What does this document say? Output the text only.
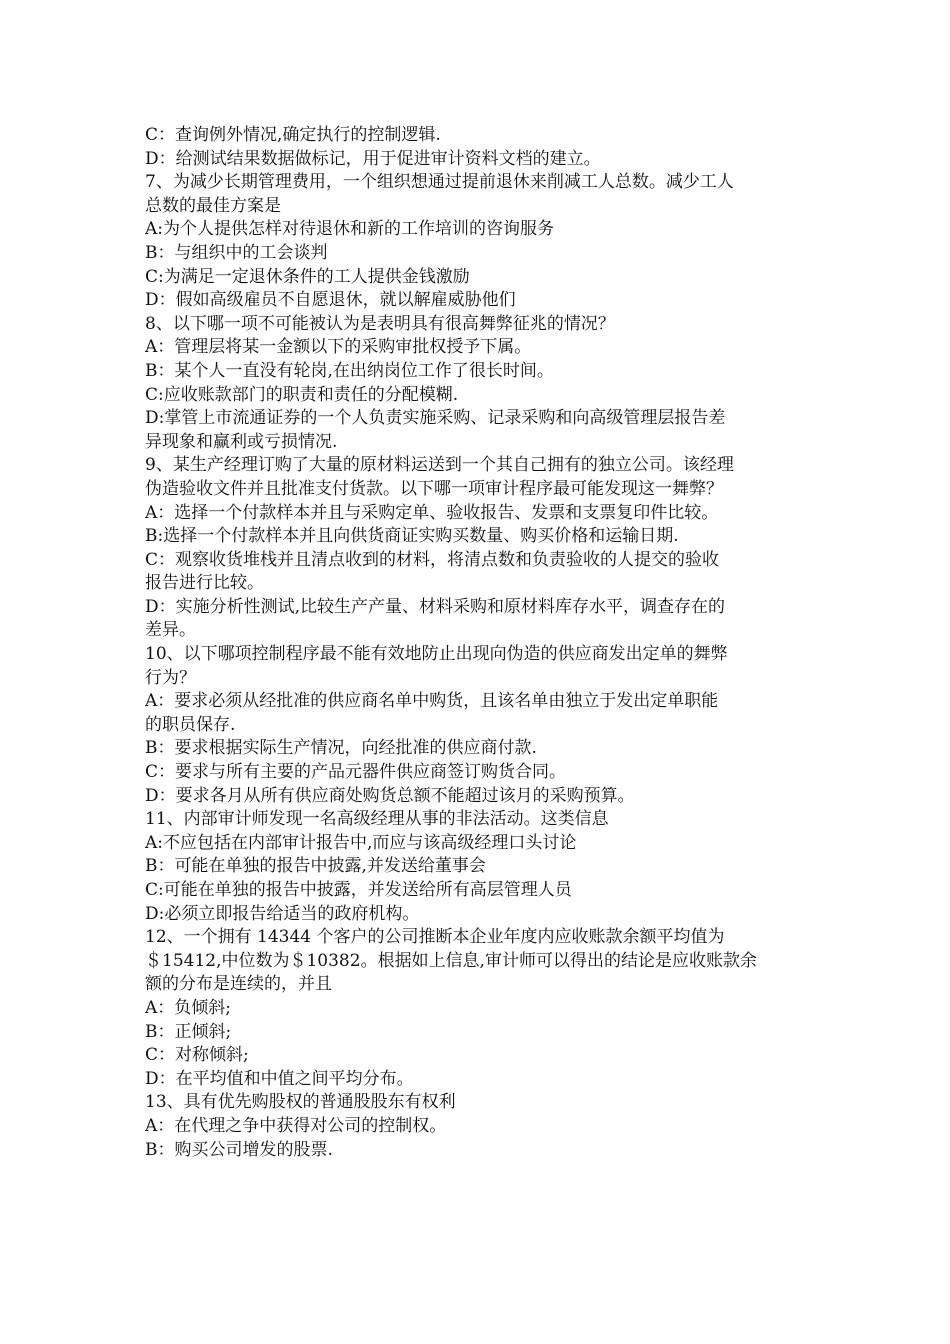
C：查询例外情况,确定执行的控制逻辑.
D：给测试结果数据做标记，用于促进审计资料文档的建立。
7、为减少长期管理费用，一个组织想通过提前退休来削减工人总数。减少工人
总数的最佳方案是
A:为个人提供怎样对待退休和新的工作培训的咨询服务
B：与组织中的工会谈判
C:为满足一定退休条件的工人提供金钱激励
D：假如高级雇员不自愿退休，就以解雇威胁他们
8、以下哪一项不可能被认为是表明具有很高舞弊征兆的情况？
A：管理层将某一金额以下的采购审批权授予下属。
B：某个人一直没有轮岗,在出纳岗位工作了很长时间。
C:应收账款部门的职责和责任的分配模糊.
D:掌管上市流通证券的一个人负责实施采购、记录采购和向高级管理层报告差
异现象和赢利或亏损情况.
9、某生产经理订购了大量的原材料运送到一个其自己拥有的独立公司。该经理
伪造验收文件并且批准支付货款。以下哪一项审计程序最可能发现这一舞弊？
A：选择一个付款样本并且与采购定单、验收报告、发票和支票复印件比较。
B:选择一个付款样本并且向供货商证实购买数量、购买价格和运输日期.
C：观察收货堆栈并且清点收到的材料，将清点数和负责验收的人提交的验收
报告进行比较。
D：实施分析性测试,比较生产产量、材料采购和原材料库存水平，调查存在的
差异。
10、以下哪项控制程序最不能有效地防止出现向伪造的供应商发出定单的舞弊
行为？
A：要求必须从经批准的供应商名单中购货，且该名单由独立于发出定单职能
的职员保存.
B：要求根据实际生产情况，向经批准的供应商付款.
C：要求与所有主要的产品元器件供应商签订购货合同。
D：要求各月从所有供应商处购货总额不能超过该月的采购预算。
11、内部审计师发现一名高级经理从事的非法活动。这类信息
A:不应包括在内部审计报告中,而应与该高级经理口头讨论
B：可能在单独的报告中披露,并发送给董事会
C:可能在单独的报告中披露，并发送给所有高层管理人员
D:必须立即报告给适当的政府机构。
12、一个拥有 14344 个客户的公司推断本企业年度内应收账款余额平均值为
＄15412,中位数为＄10382。根据如上信息,审计师可以得出的结论是应收账款余
额的分布是连续的，并且
A：负倾斜;
B：正倾斜;
C：对称倾斜;
D：在平均值和中值之间平均分布。
13、具有优先购股权的普通股股东有权利
A：在代理之争中获得对公司的控制权。
B：购买公司增发的股票.
